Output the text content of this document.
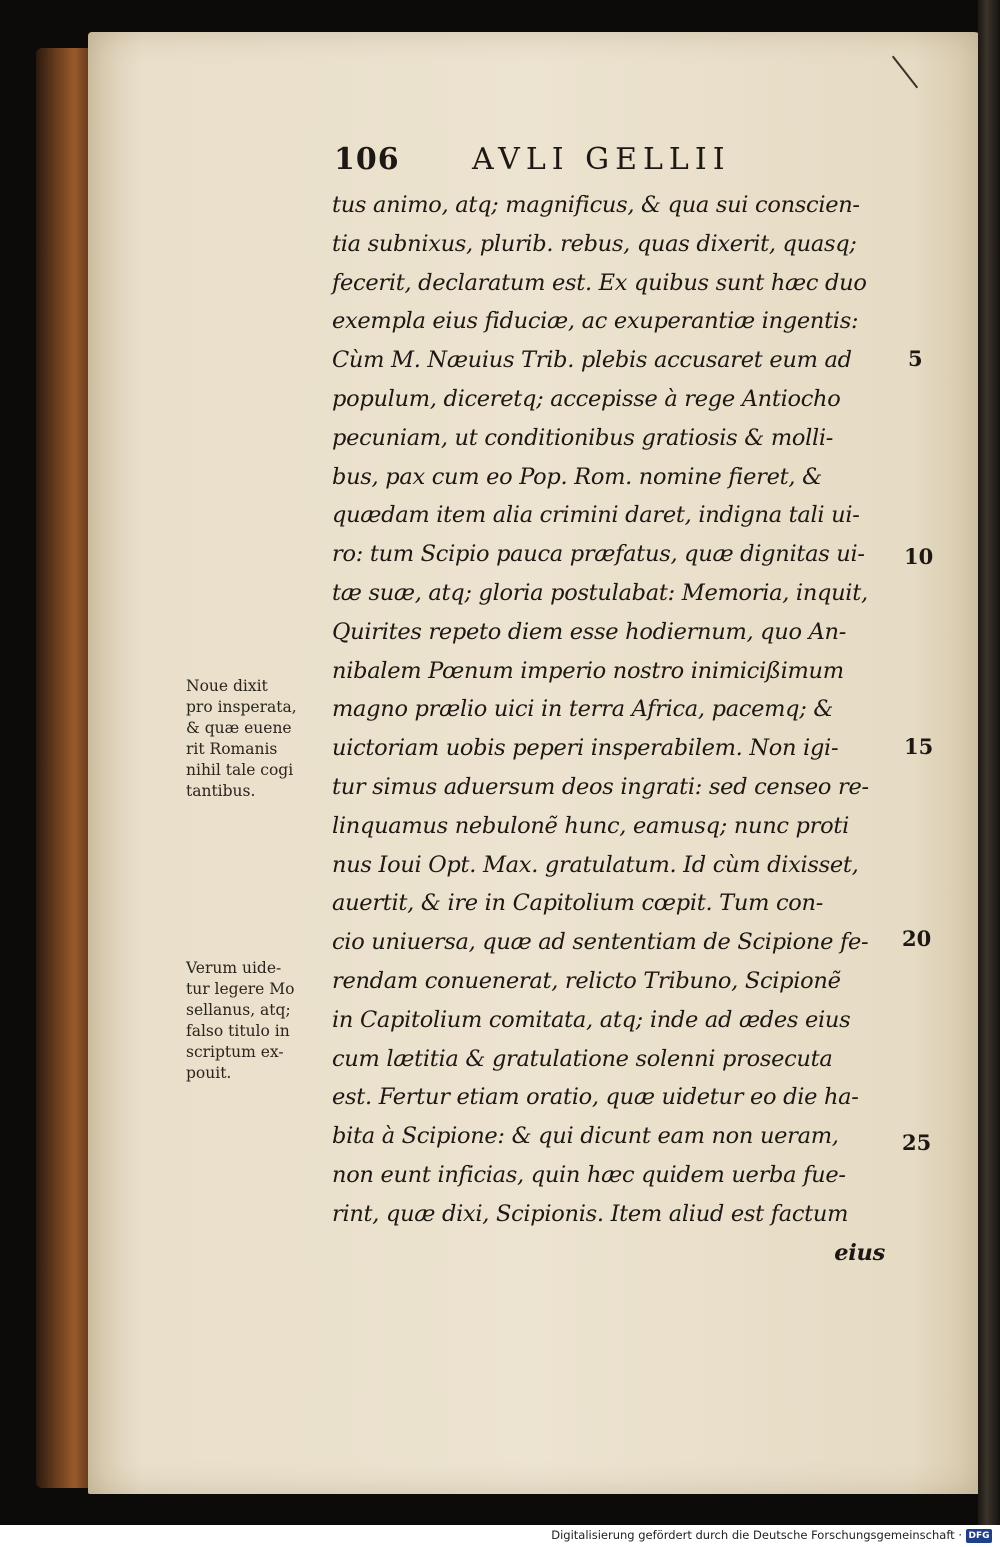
106 AVLI GELLII
tus animo, atq; magnificus, & qua sui conscien-
tia subnixus, plurib. rebus, quas dixerit, quasq;
fecerit, declaratum est. Ex quibus sunt hæc duo
exempla eius fiduciæ, ac exuperantiæ ingentis:
Cùm M. Næuius Trib. plebis accusaret eum ad
populum, diceretq; accepisse à rege Antiocho
pecuniam, ut conditionibus gratiosis & molli-
bus, pax cum eo Pop. Rom. nomine fieret, &
quædam item alia crimini daret, indigna tali ui-
ro: tum Scipio pauca præfatus, quæ dignitas ui-
tæ suæ, atq; gloria postulabat: Memoria, inquit,
Quirites repeto diem esse hodiernum, quo An-
nibalem Pœnum imperio nostro inimicißimum
magno prælio uici in terra Africa, pacemq; &
uictoriam uobis peperi insperabilem. Non igi-
tur simus aduersum deos ingrati: sed censeo re-
linquamus nebulonẽ hunc, eamusq; nunc proti
nus Ioui Opt. Max. gratulatum. Id cùm dixisset,
auertit, & ire in Capitolium cœpit. Tum con-
cio uniuersa, quæ ad sententiam de Scipione fe-
rendam conuenerat, relicto Tribuno, Scipionẽ
in Capitolium comitata, atq; inde ad ædes eius
cum lætitia & gratulatione solenni prosecuta
est. Fertur etiam oratio, quæ uidetur eo die ha-
bita à Scipione: & qui dicunt eam non ueram,
non eunt inficias, quin hæc quidem uerba fue-
rint, quæ dixi, Scipionis. Item aliud est factum
eius
5
10
15
20
25
Noue dixit
pro insperata,
& quæ euene
rit Romanis
nihil tale cogi
tantibus.
Verum uide-
tur legere Mo
sellanus, atq;
falso titulo in
scriptum ex-
pouit.
Digitalisierung gefördert durch die Deutsche Forschungsgemeinschaft · DFG
